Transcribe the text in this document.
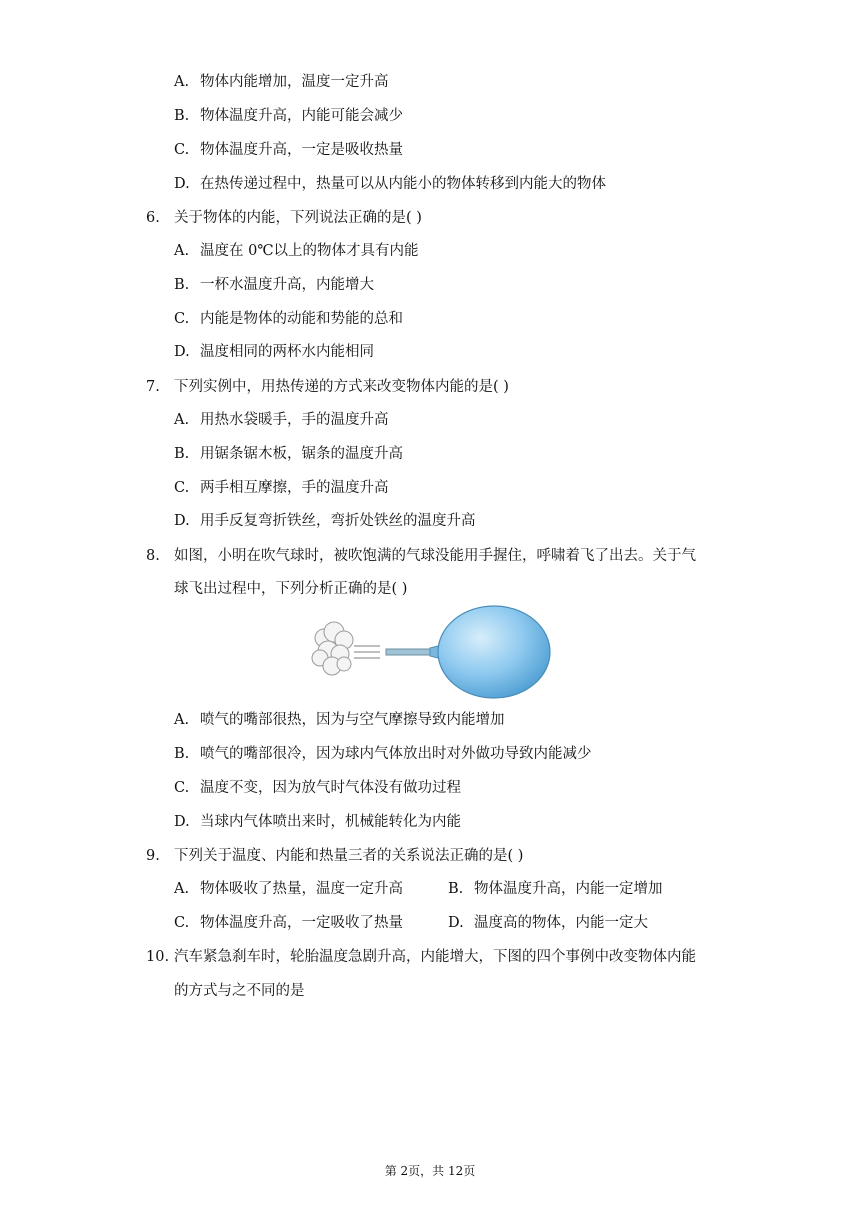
A. 物体内能增加，温度一定升高
B. 物体温度升高，内能可能会减少
C. 物体温度升高，一定是吸收热量
D. 在热传递过程中，热量可以从内能小的物体转移到内能大的物体
6. 关于物体的内能，下列说法正确的是( )
A. 温度在 0℃以上的物体才具有内能
B. 一杯水温度升高，内能增大
C. 内能是物体的动能和势能的总和
D. 温度相同的两杯水内能相同
7. 下列实例中，用热传递的方式来改变物体内能的是( )
A. 用热水袋暖手，手的温度升高
B. 用锯条锯木板，锯条的温度升高
C. 两手相互摩擦，手的温度升高
D. 用手反复弯折铁丝，弯折处铁丝的温度升高
8. 如图，小明在吹气球时，被吹饱满的气球没能用手握住，呼啸着飞了出去。关于气
球飞出过程中，下列分析正确的是( )
A. 喷气的嘴部很热，因为与空气摩擦导致内能增加
B. 喷气的嘴部很冷，因为球内气体放出时对外做功导致内能减少
C. 温度不变，因为放气时气体没有做功过程
D. 当球内气体喷出来时，机械能转化为内能
9. 下列关于温度、内能和热量三者的关系说法正确的是( )
A. 物体吸收了热量，温度一定升高	B. 物体温度升高，内能一定增加
C. 物体温度升高，一定吸收了热量	D. 温度高的物体，内能一定大
10. 汽车紧急刹车时，轮胎温度急剧升高，内能增大，下图的四个事例中改变物体内能
的方式与之不同的是
第 2页，共 12页
